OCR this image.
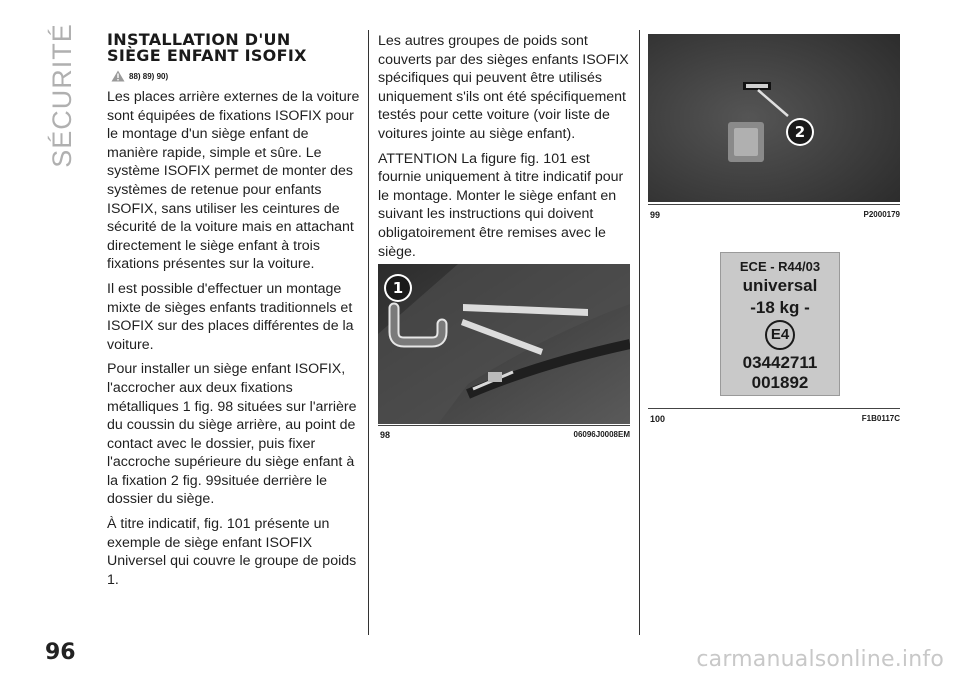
SÉCURITÉ INSTALLATION D'UN
SIÈGE ENFANT ISOFIX
88) 89) 90)

Les places arrière externes de la voiture sont équipées de fixations ISOFIX pour le montage d'un siège enfant de manière rapide, simple et sûre. Le système ISOFIX permet de monter des systèmes de retenue pour enfants ISOFIX, sans utiliser les ceintures de sécurité de la voiture mais en attachant directement le siège enfant à trois fixations présentes sur la voiture.

Il est possible d'effectuer un montage mixte de sièges enfants traditionnels et ISOFIX sur des places différentes de la voiture.

Pour installer un siège enfant ISOFIX, l'accrocher aux deux fixations métalliques 1 fig. 98 situées sur l'arrière du coussin du siège arrière, au point de contact avec le dossier, puis fixer l'accroche supérieure du siège enfant à la fixation 2 fig. 99située derrière le dossier du siège.

À titre indicatif, fig. 101 présente un exemple de siège enfant ISOFIX Universel qui couvre le groupe de poids 1.

Les autres groupes de poids sont couverts par des sièges enfants ISOFIX spécifiques qui peuvent être utilisés uniquement s'ils ont été spécifiquement testés pour cette voiture (voir liste de voitures jointe au siège enfant).

ATTENTION La figure fig. 101 est fournie uniquement à titre indicatif pour le montage. Monter le siège enfant en suivant les instructions qui doivent obligatoirement être remises avec le siège.

1
98	06096J0008EM
2
99	P2000179
ECE - R44/03
universal
-18 kg -
E4
03442711
001892
100	F1B0117C
96	carmanualsonline.info
